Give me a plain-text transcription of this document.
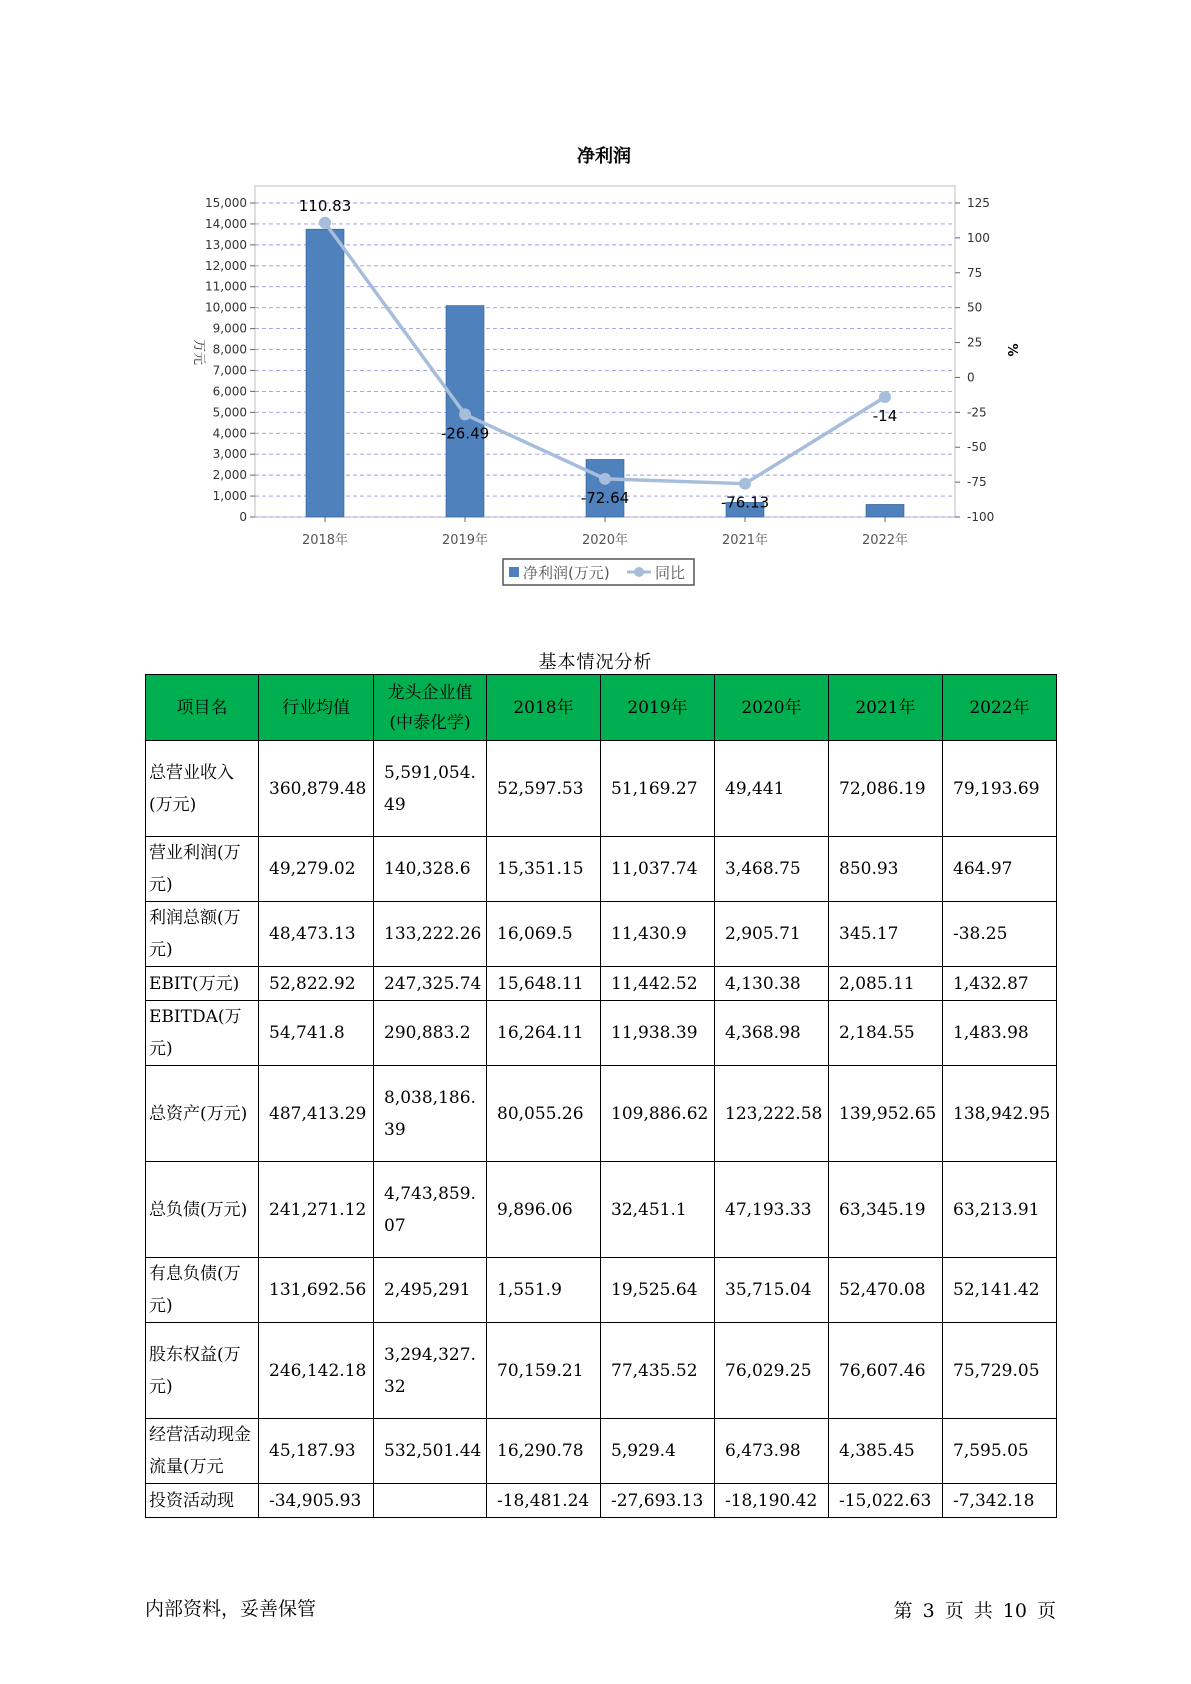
净利润
0
1,000
2,000
3,000
4,000
5,000
6,000
7,000
8,000
9,000
10,000
11,000
12,000
13,000
14,000
15,000
-100
-75
-50
-25
0
25
50
75
100
125
万元	%
2018年	2019年	2020年	2021年	2022年
110.83
-26.49
-72.64	-76.13
-14
净利润(万元)	同比
基本情况分析
项目名	行业均值	龙头企业值(中泰化学)	2018年	2019年	2020年	2021年	2022年
总营业收入(万元)	360,879.48	5,591,054.49	52,597.53	51,169.27	49,441	72,086.19	79,193.69
营业利润(万元)	49,279.02	140,328.6	15,351.15	11,037.74	3,468.75	850.93	464.97
利润总额(万元)	48,473.13	133,222.26	16,069.5	11,430.9	2,905.71	345.17	-38.25
EBIT(万元)	52,822.92	247,325.74	15,648.11	11,442.52	4,130.38	2,085.11	1,432.87
EBITDA(万元)	54,741.8	290,883.2	16,264.11	11,938.39	4,368.98	2,184.55	1,483.98
总资产(万元)	487,413.29	8,038,186.39	80,055.26	109,886.62	123,222.58	139,952.65	138,942.95
总负债(万元)	241,271.12	4,743,859.07	9,896.06	32,451.1	47,193.33	63,345.19	63,213.91
有息负债(万元)	131,692.56	2,495,291	1,551.9	19,525.64	35,715.04	52,470.08	52,141.42
股东权益(万元)	246,142.18	3,294,327.32	70,159.21	77,435.52	76,029.25	76,607.46	75,729.05
经营活动现金流量(万元	45,187.93	532,501.44	16,290.78	5,929.4	6,473.98	4,385.45	7,595.05
投资活动现	-34,905.93		-18,481.24	-27,693.13	-18,190.42	-15,022.63	-7,342.18
内部资料，妥善保管	第 3 页 共 10 页
